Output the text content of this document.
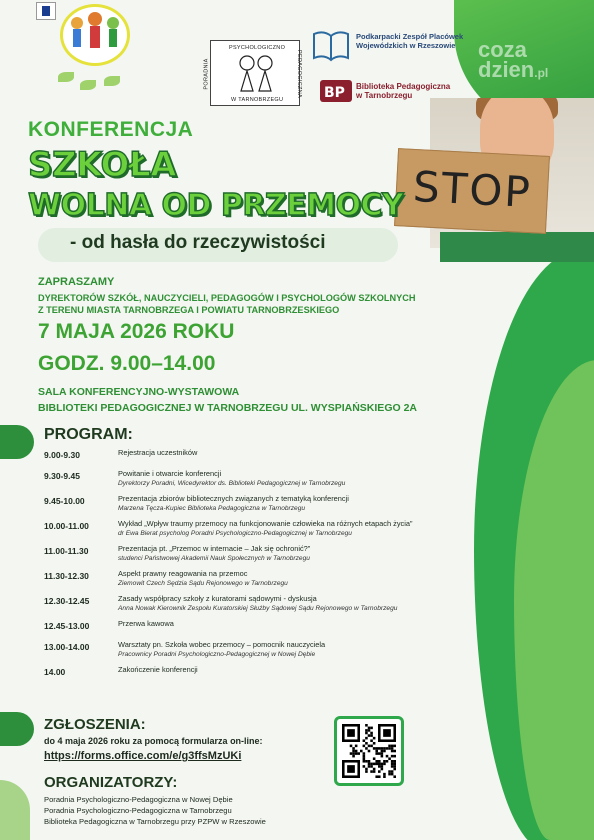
PSYCHOLOGICZNO
PORADNIA	PEDAGOGICZNA
W TARNOBRZEGU
Podkarpacki Zespół Placówek Wojewódzkich w Rzeszowie
BP Biblioteka Pedagogiczna w Tarnobrzegu
coza
dzien.pl
STOP
KONFERENCJA
SZKOŁA
WOLNA OD PRZEMOCY
- od hasła do rzeczywistości
ZAPRASZAMY
DYREKTORÓW SZKÓŁ, NAUCZYCIELI, PEDAGOGÓW I PSYCHOLOGÓW SZKOLNYCH
Z TERENU MIASTA TARNOBRZEGA I POWIATU TARNOBRZESKIEGO
7 MAJA 2026 ROKU
GODZ. 9.00–14.00
SALA KONFERENCYJNO-WYSTAWOWA
BIBLIOTEKI PEDAGOGICZNEJ W TARNOBRZEGU UL. WYSPIAŃSKIEGO 2A
PROGRAM:
9.00-9.30	Rejestracja uczestników
9.30-9.45	Powitanie i otwarcie konferencji
Dyrektorzy Poradni, Wicedyrektor ds. Biblioteki Pedagogicznej w Tarnobrzegu
9.45-10.00	Prezentacja zbiorów bibliotecznych związanych z tematyką konferencji
Marzena Tęcza-Kupiec Biblioteka Pedagogiczna w Tarnobrzegu
10.00-11.00	Wykład „Wpływ traumy przemocy na funkcjonowanie człowieka na różnych etapach życia”
dr Ewa Bierat psycholog Poradni Psychologiczno-Pedagogicznej w Tarnobrzegu
11.00-11.30	Prezentacja pt. „Przemoc w internacie – Jak się ochronić?”
studenci Państwowej Akademii Nauk Społecznych w Tarnobrzegu
11.30-12.30	Aspekt prawny reagowania na przemoc
Ziemowit Czech Sędzia Sądu Rejonowego w Tarnobrzegu
12.30-12.45	Zasady współpracy szkoły z kuratorami sądowymi - dyskusja
Anna Nowak Kierownik Zespołu Kuratorskiej Służby Sądowej Sądu Rejonowego w Tarnobrzegu
12.45-13.00	Przerwa kawowa
13.00-14.00	Warsztaty pn. Szkoła wobec przemocy – pomocnik nauczyciela
Pracownicy Poradni Psychologiczno-Pedagogicznej w Nowej Dębie
14.00	Zakończenie konferencji
ZGŁOSZENIA:
do 4 maja 2026 roku za pomocą formularza on-line:
https://forms.office.com/e/g3ffsMzUKi
ORGANIZATORZY:
Poradnia Psychologiczno-Pedagogiczna w Nowej Dębie
Poradnia Psychologiczno-Pedagogiczna w Tarnobrzegu
Biblioteka Pedagogiczna w Tarnobrzegu przy PZPW w Rzeszowie
